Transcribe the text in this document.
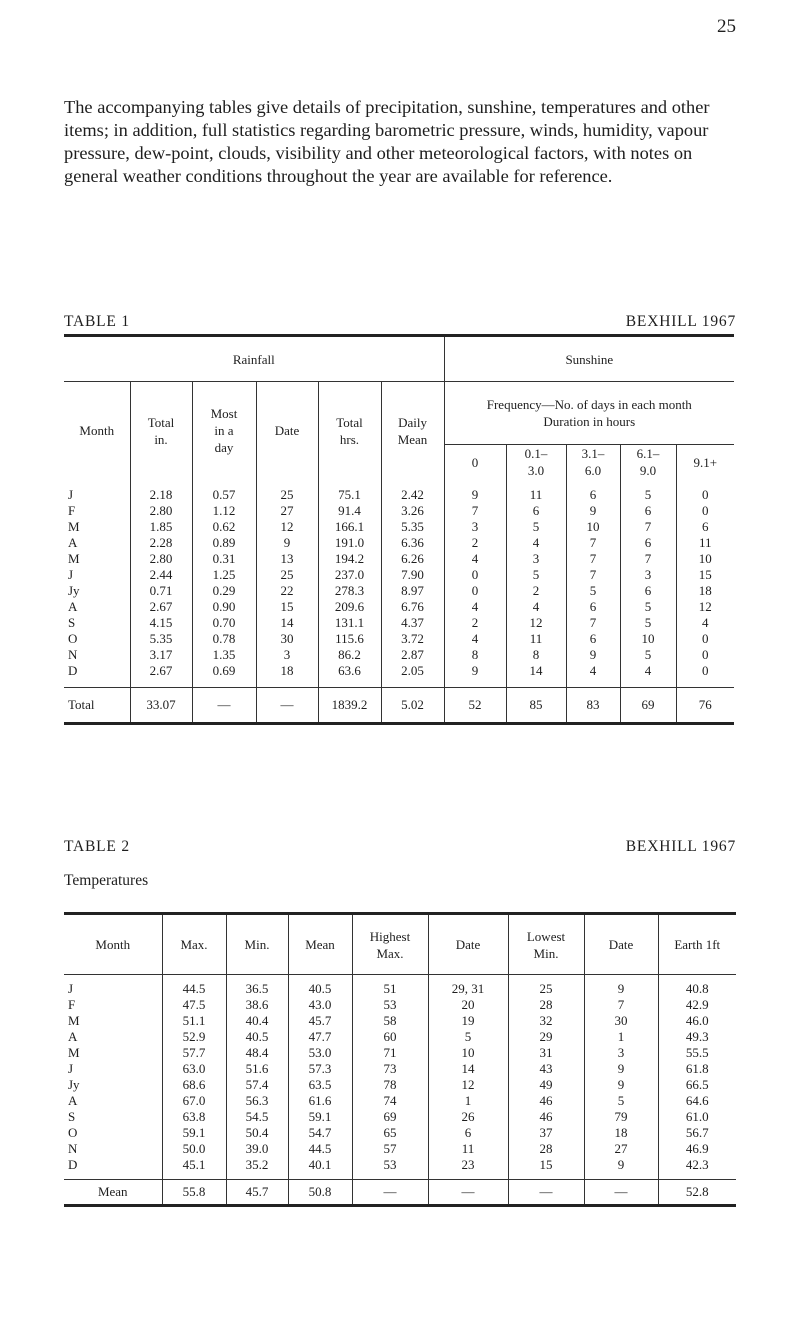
25

The accompanying tables give details of precipitation, sunshine, temperatures and other items; in addition, full statistics regarding barometric pressure, winds, humidity, vapour pressure, dew-point, clouds, visibility and other meteorological factors, with notes on general weather conditions throughout the year are available for reference.

TABLE 1	BEXHILL 1967
Rainfall						Sunshine				
Month	Total in.	Most in a day	Date	Total hrs.	Daily Mean	Frequency—No. of days in each month Duration in hours				
						0	0.1– 3.0	3.1– 6.0	6.1– 9.0	9.1+
J	2.18	0.57	25	75.1	2.42	9	11	6	5	0
F	2.80	1.12	27	91.4	3.26	7	6	9	6	0
M	1.85	0.62	12	166.1	5.35	3	5	10	7	6
A	2.28	0.89	9	191.0	6.36	2	4	7	6	11
M	2.80	0.31	13	194.2	6.26	4	3	7	7	10
J	2.44	1.25	25	237.0	7.90	0	5	7	3	15
Jy	0.71	0.29	22	278.3	8.97	0	2	5	6	18
A	2.67	0.90	15	209.6	6.76	4	4	6	5	12
S	4.15	0.70	14	131.1	4.37	2	12	7	5	4
O	5.35	0.78	30	115.6	3.72	4	11	6	10	0
N	3.17	1.35	3	86.2	2.87	8	8	9	5	0
D	2.67	0.69	18	63.6	2.05	9	14	4	4	0
Total	33.07	—	—	1839.2	5.02	52	85	83	69	76
TABLE 2	BEXHILL 1967
Temperatures
Month	Max.	Min.	Mean	Highest Max.	Date	Lowest Min.	Date	Earth 1ft
J	44.5	36.5	40.5	51	29, 31	25	9	40.8
F	47.5	38.6	43.0	53	20	28	7	42.9
M	51.1	40.4	45.7	58	19	32	30	46.0
A	52.9	40.5	47.7	60	5	29	1	49.3
M	57.7	48.4	53.0	71	10	31	3	55.5
J	63.0	51.6	57.3	73	14	43	9	61.8
Jy	68.6	57.4	63.5	78	12	49	9	66.5
A	67.0	56.3	61.6	74	1	46	5	64.6
S	63.8	54.5	59.1	69	26	46	79	61.0
O	59.1	50.4	54.7	65	6	37	18	56.7
N	50.0	39.0	44.5	57	11	28	27	46.9
D	45.1	35.2	40.1	53	23	15	9	42.3
Mean	55.8	45.7	50.8	—	—	—	—	52.8
